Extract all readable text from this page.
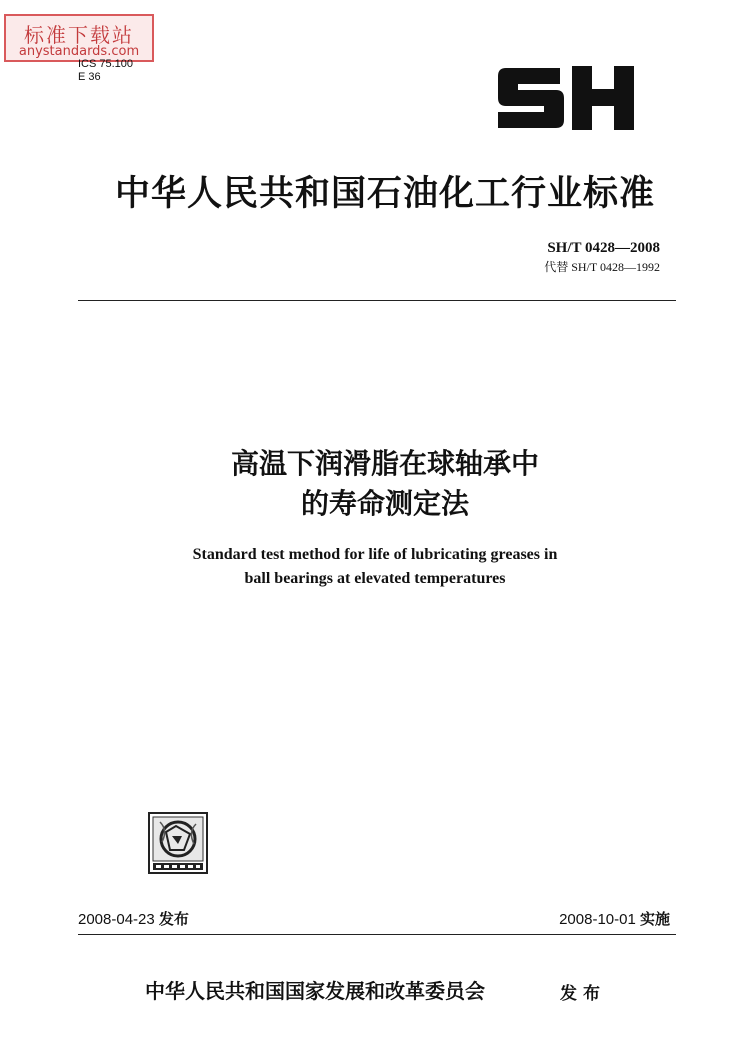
标准下载站
anystandards.com
ICS 75.100
E 36
中华人民共和国石油化工行业标准
SH/T 0428—2008
代替 SH/T 0428—1992
高温下润滑脂在球轴承中
的寿命测定法
Standard test method for life of lubricating greases in
ball bearings at elevated temperatures
2008-04-23 发布	2008-10-01 实施
中华人民共和国国家发展和改革委员会	发布
